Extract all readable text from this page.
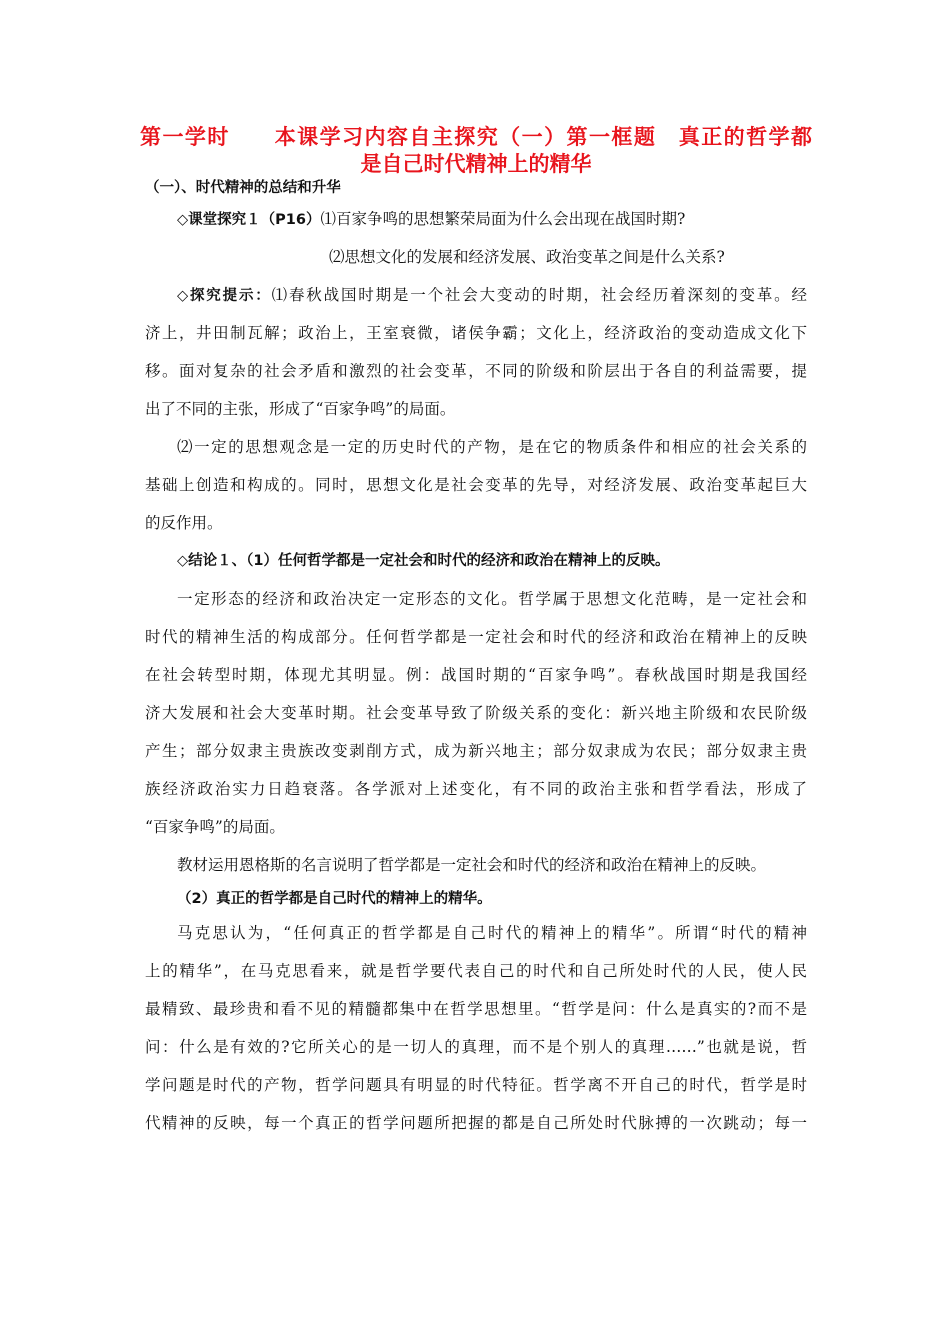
第一学时　　本课学习内容自主探究（一）第一框题　真正的哲学都
是自己时代精神上的精华
（一）、时代精神的总结和升华
◇课堂探究１（P16）⑴百家争鸣的思想繁荣局面为什么会出现在战国时期?
⑵思想文化的发展和经济发展、政治变革之间是什么关系?
◇探究提示：⑴春秋战国时期是一个社会大变动的时期，社会经历着深刻的变革。经
济上，井田制瓦解；政治上，王室衰微，诸侯争霸；文化上，经济政治的变动造成文化下
移。面对复杂的社会矛盾和激烈的社会变革，不同的阶级和阶层出于各自的利益需要，提
出了不同的主张，形成了“百家争鸣”的局面。
⑵一定的思想观念是一定的历史时代的产物，是在它的物质条件和相应的社会关系的
基础上创造和构成的。同时，思想文化是社会变革的先导，对经济发展、政治变革起巨大
的反作用。
◇结论１、（1）任何哲学都是一定社会和时代的经济和政治在精神上的反映。
一定形态的经济和政治决定一定形态的文化。哲学属于思想文化范畴，是一定社会和
时代的精神生活的构成部分。任何哲学都是一定社会和时代的经济和政治在精神上的反映
在社会转型时期，体现尤其明显。例：战国时期的“百家争鸣”。春秋战国时期是我国经
济大发展和社会大变革时期。社会变革导致了阶级关系的变化：新兴地主阶级和农民阶级
产生；部分奴隶主贵族改变剥削方式，成为新兴地主；部分奴隶成为农民；部分奴隶主贵
族经济政治实力日趋衰落。各学派对上述变化，有不同的政治主张和哲学看法，形成了
“百家争鸣”的局面。
教材运用恩格斯的名言说明了哲学都是一定社会和时代的经济和政治在精神上的反映。
（2）真正的哲学都是自己时代的精神上的精华。
马克思认为，“任何真正的哲学都是自己时代的精神上的精华”。所谓“时代的精神
上的精华”，在马克思看来，就是哲学要代表自己的时代和自己所处时代的人民，使人民
最精致、最珍贵和看不见的精髓都集中在哲学思想里。“哲学是问：什么是真实的?而不是
问：什么是有效的?它所关心的是一切人的真理，而不是个别人的真理……”也就是说，哲
学问题是时代的产物，哲学问题具有明显的时代特征。哲学离不开自己的时代，哲学是时
代精神的反映，每一个真正的哲学问题所把握的都是自己所处时代脉搏的一次跳动；每一
